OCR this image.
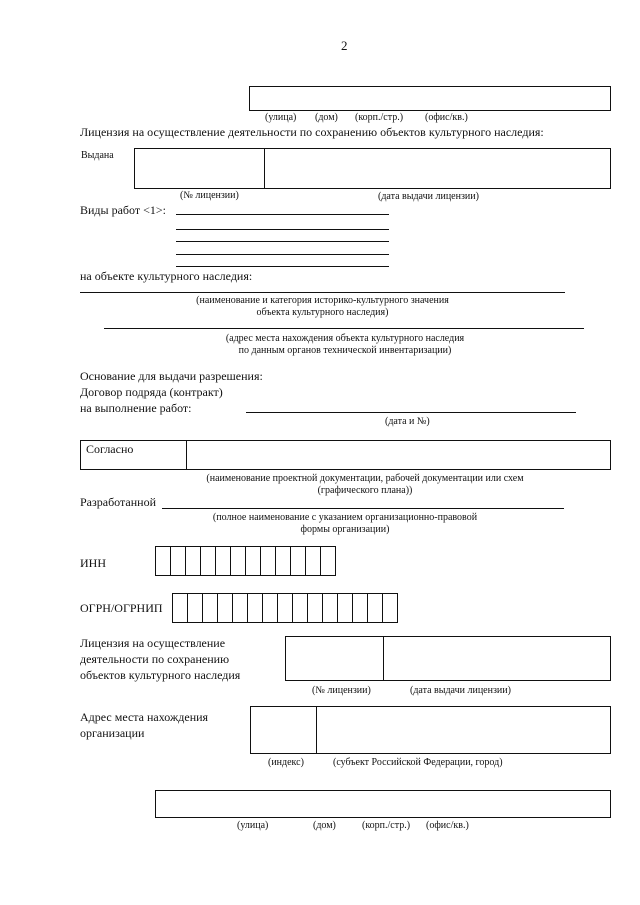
2
(улица) (дом) (корп./стр.) (офис/кв.)
Лицензия на осуществление деятельности по сохранению объектов культурного наследия:
Выдана
(№ лицензии)	(дата выдачи лицензии)
Виды работ <1>:
на объекте культурного наследия:
(наименование и категория историко-культурного значения
объекта культурного наследия)
(адрес места нахождения объекта культурного наследия
по данным органов технической инвентаризации)
Основание для выдачи разрешения:
Договор подряда (контракт)
на выполнение работ:
(дата и №)
Согласно
(наименование проектной документации, рабочей документации или схем
(графического плана))
Разработанной
(полное наименование с указанием организационно-правовой
формы организации)
ИНН
ОГРН/ОГРНИП
Лицензия на осуществление
деятельности по сохранению
объектов культурного наследия
(№ лицензии)	(дата выдачи лицензии)
Адрес места нахождения
организации
(индекс)	(субъект Российской Федерации, город)
(улица)	(дом)	(корп./стр.) (офис/кв.)
